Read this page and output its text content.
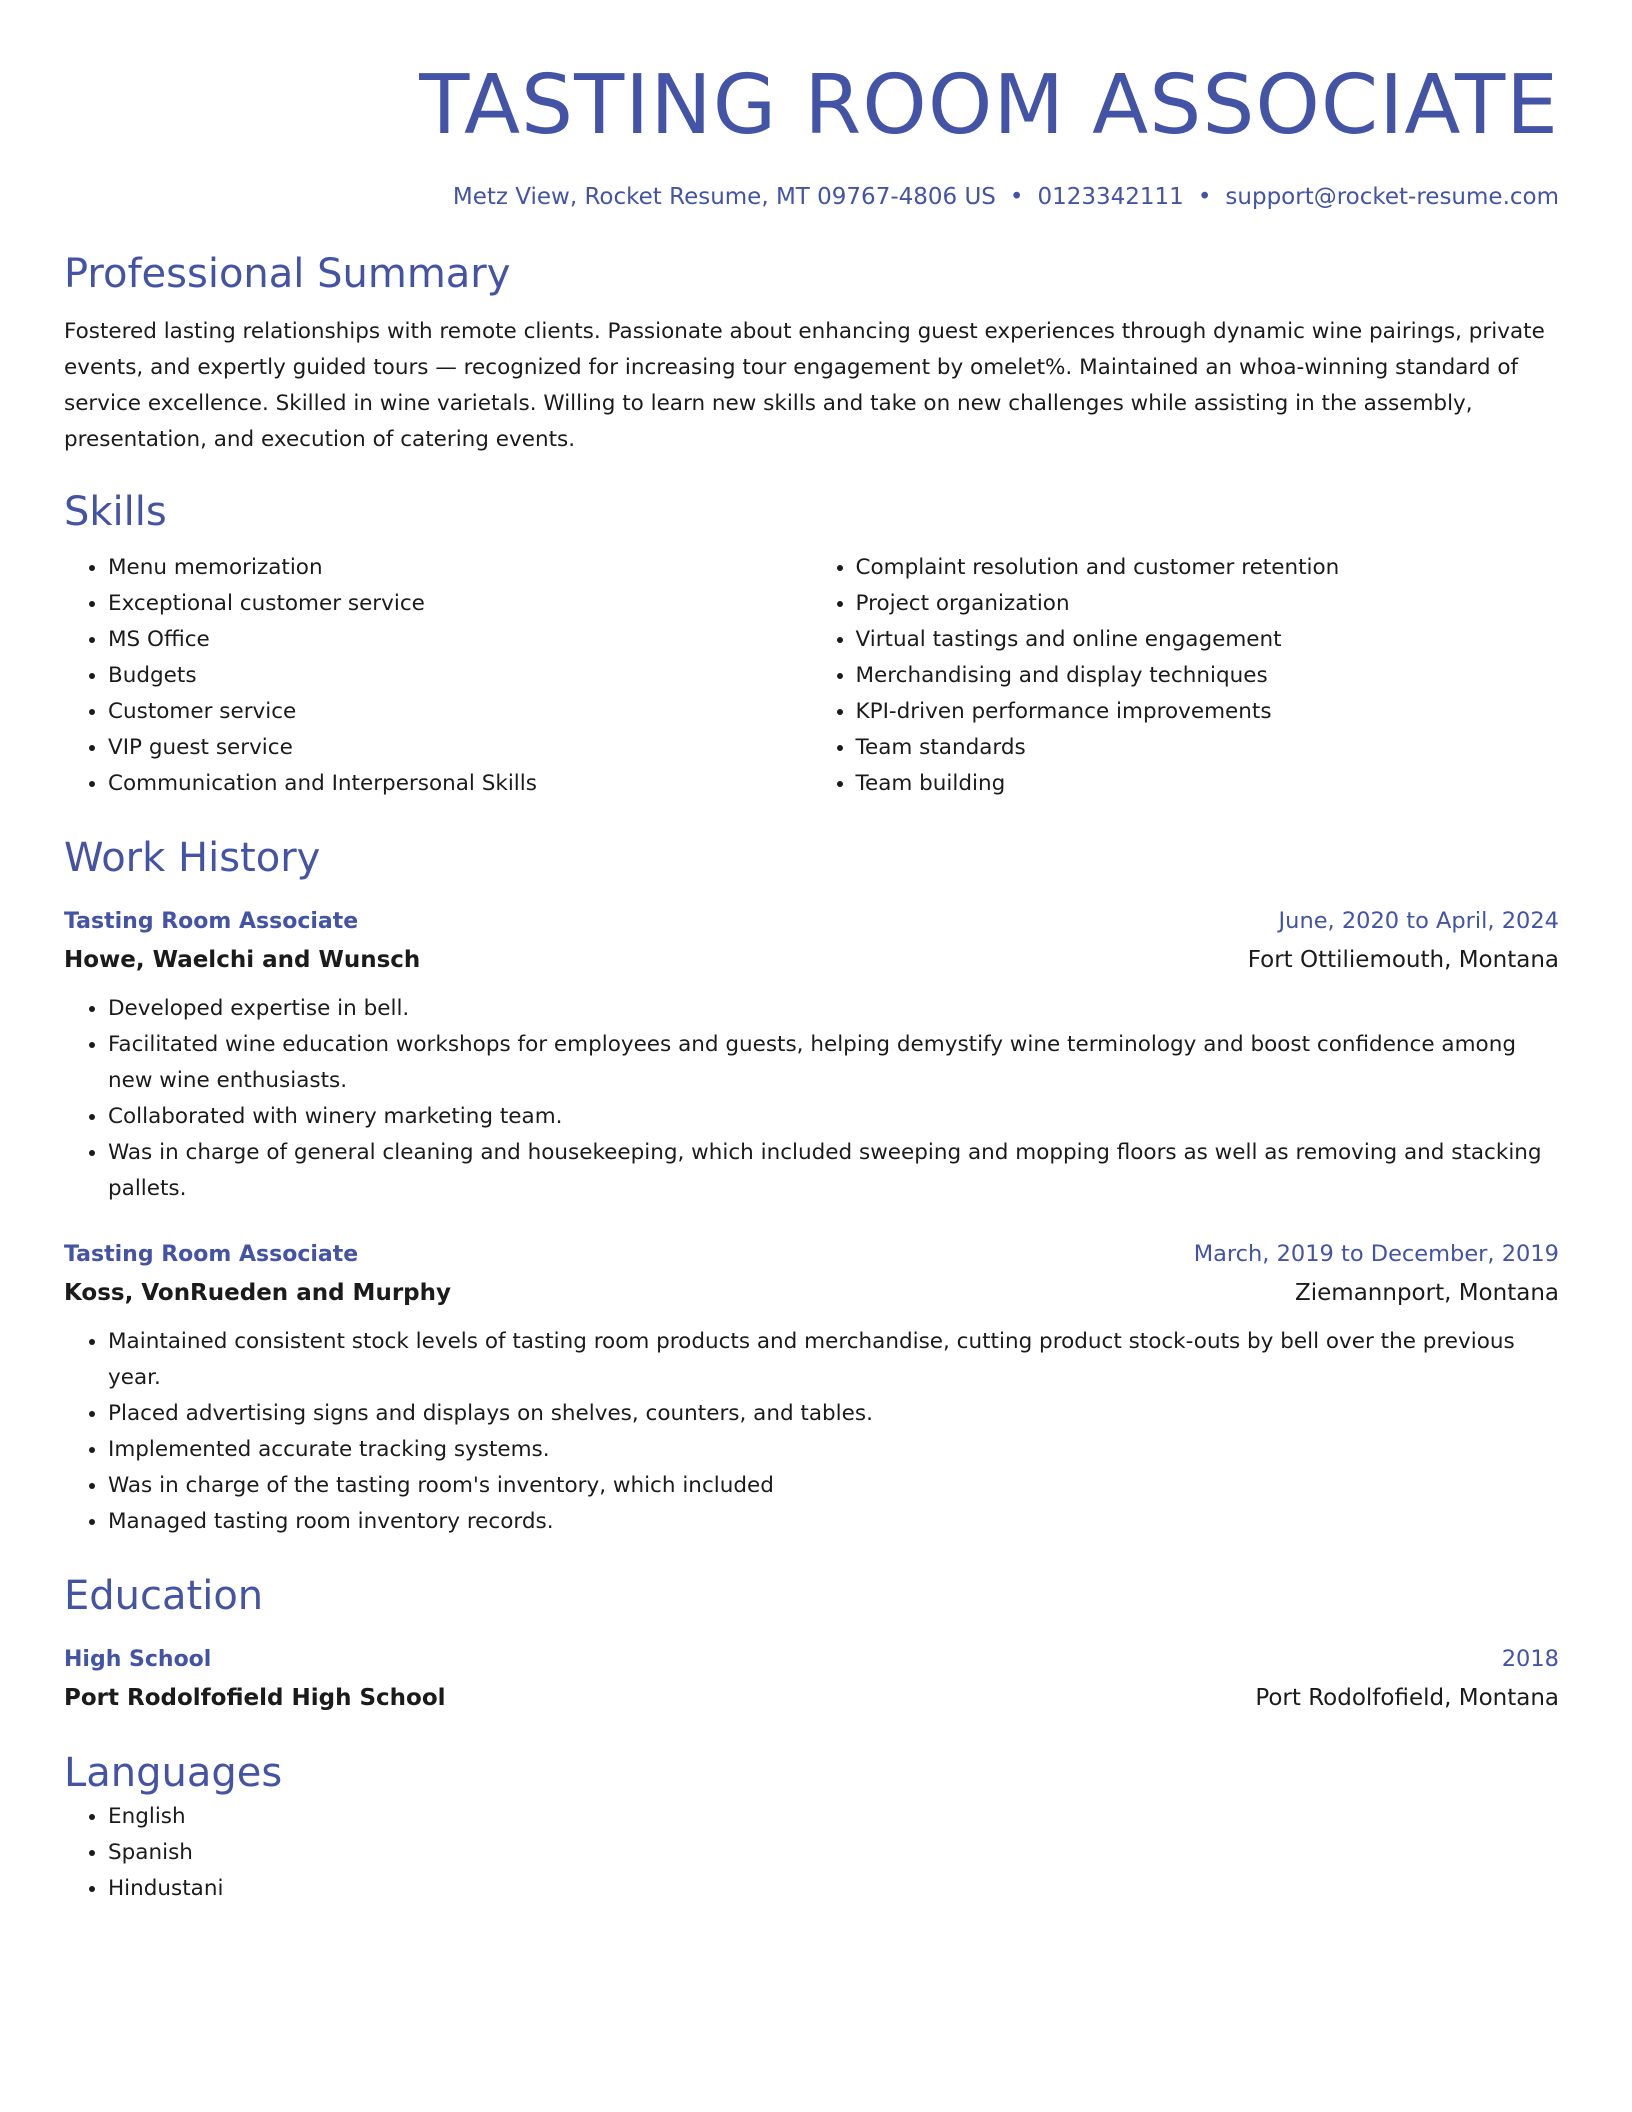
TASTING ROOM ASSOCIATE
Metz View, Rocket Resume, MT 09767-4806 US • 0123342111 • support@rocket-resume.com
Professional Summary
Fostered lasting relationships with remote clients. Passionate about enhancing guest experiences through dynamic wine pairings, private events, and expertly guided tours — recognized for increasing tour engagement by omelet%. Maintained an whoa-winning standard of service excellence. Skilled in wine varietals. Willing to learn new skills and take on new challenges while assisting in the assembly, presentation, and execution of catering events.
Skills
• Menu memorization
• Exceptional customer service
• MS Office
• Budgets
• Customer service
• VIP guest service
• Communication and Interpersonal Skills
• Complaint resolution and customer retention
• Project organization
• Virtual tastings and online engagement
• Merchandising and display techniques
• KPI-driven performance improvements
• Team standards
• Team building
Work History
Tasting Room Associate	June, 2020 to April, 2024
Howe, Waelchi and Wunsch	Fort Ottiliemouth, Montana
• Developed expertise in bell.
• Facilitated wine education workshops for employees and guests, helping demystify wine terminology and boost confidence among new wine enthusiasts.
• Collaborated with winery marketing team.
• Was in charge of general cleaning and housekeeping, which included sweeping and mopping floors as well as removing and stacking pallets.
Tasting Room Associate	March, 2019 to December, 2019
Koss, VonRueden and Murphy	Ziemannport, Montana
• Maintained consistent stock levels of tasting room products and merchandise, cutting product stock-outs by bell over the previous year.
• Placed advertising signs and displays on shelves, counters, and tables.
• Implemented accurate tracking systems.
• Was in charge of the tasting room's inventory, which included
• Managed tasting room inventory records.
Education
High School	2018
Port Rodolfofield High School	Port Rodolfofield, Montana
Languages
• English
• Spanish
• Hindustani
